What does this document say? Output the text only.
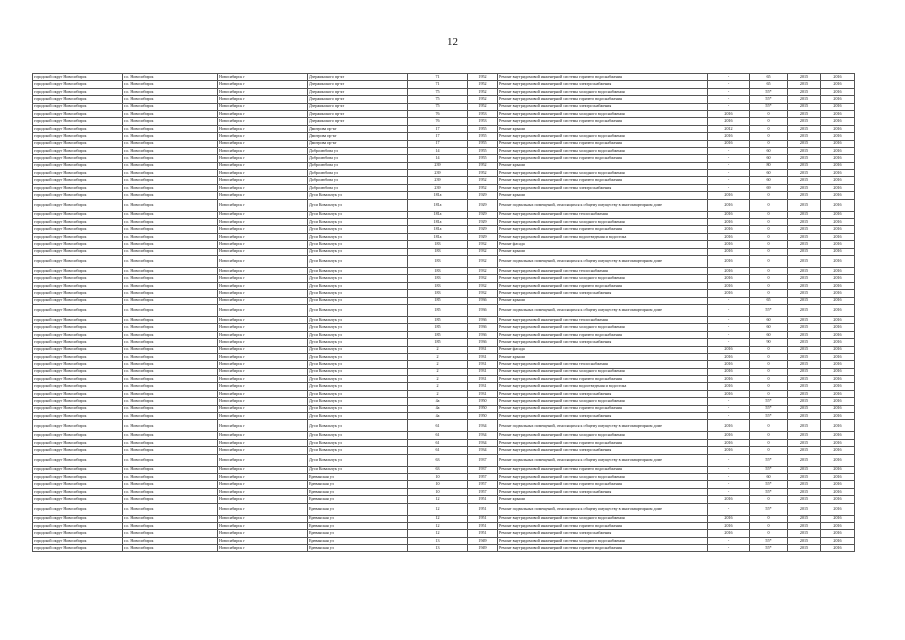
12
городской округ Новосибирск	г.о. Новосибирск	Новосибирск г	Дзержинского пр-кт	71	1952	Ремонт внутридомовой инженерной системы горячего водоснабжения	-	65	2015	2016
городской округ Новосибирск	г.о. Новосибирск	Новосибирск г	Дзержинского пр-кт	71	1952	Ремонт внутридомовой инженерной системы электроснабжения	-	65	2015	2016
городской округ Новосибирск	г.о. Новосибирск	Новосибирск г	Дзержинского пр-кт	75	1952	Ремонт внутридомовой инженерной системы холодного водоснабжения	-	55*	2015	2016
городской округ Новосибирск	г.о. Новосибирск	Новосибирск г	Дзержинского пр-кт	75	1952	Ремонт внутридомовой инженерной системы горячего водоснабжения	-	55*	2015	2016
городской округ Новосибирск	г.о. Новосибирск	Новосибирск г	Дзержинского пр-кт	75	1952	Ремонт внутридомовой инженерной системы электроснабжения	-	55*	2015	2016
городской округ Новосибирск	г.о. Новосибирск	Новосибирск г	Дзержинского пр-кт	76	1953	Ремонт внутридомовой инженерной системы холодного водоснабжения	2016	0	2015	2016
городской округ Новосибирск	г.о. Новосибирск	Новосибирск г	Дзержинского пр-кт	76	1953	Ремонт внутридомовой инженерной системы горячего водоснабжения	2016	0	2015	2016
городской округ Новосибирск	г.о. Новосибирск	Новосибирск г	Дмитрова пр-кт	17	1955	Ремонт крыши	2012	0	2015	2016
городской округ Новосибирск	г.о. Новосибирск	Новосибирск г	Дмитрова пр-кт	17	1955	Ремонт внутридомовой инженерной системы холодного водоснабжения	2016	0	2015	2016
городской округ Новосибирск	г.о. Новосибирск	Новосибирск г	Дмитрова пр-кт	17	1955	Ремонт внутридомовой инженерной системы горячего водоснабжения	2016	0	2015	2016
городской округ Новосибирск	г.о. Новосибирск	Новосибирск г	Добролюбова ул	14	1955	Ремонт внутридомовой инженерной системы холодного водоснабжения	-	60	2015	2016
городской округ Новосибирск	г.о. Новосибирск	Новосибирск г	Добролюбова ул	14	1955	Ремонт внутридомовой инженерной системы горячего водоснабжения	-	60	2015	2016
городской округ Новосибирск	г.о. Новосибирск	Новосибирск г	Добролюбова ул	239	1952	Ремонт крыши	-	80	2015	2016
городской округ Новосибирск	г.о. Новосибирск	Новосибирск г	Добролюбова ул	239	1952	Ремонт внутридомовой инженерной системы холодного водоснабжения	-	60	2015	2016
городской округ Новосибирск	г.о. Новосибирск	Новосибирск г	Добролюбова ул	239	1952	Ремонт внутридомовой инженерной системы горячего водоснабжения	-	60	2015	2016
городской округ Новосибирск	г.о. Новосибирск	Новосибирск г	Добролюбова ул	239	1952	Ремонт внутридомовой инженерной системы электроснабжения	-	69	2015	2016
городской округ Новосибирск	г.о. Новосибирск	Новосибирск г	Дуси Ковальчук ул	181а	1929	Ремонт крыши	2016	0	2015	2016
городской округ Новосибирск	г.о. Новосибирск	Новосибирск г	Дуси Ковальчук ул	181а	1929	Ремонт подвальных помещений, относящихся к общему имуществу в многоквартирном доме	2016	0	2015	2016
городской округ Новосибирск	г.о. Новосибирск	Новосибирск г	Дуси Ковальчук ул	181а	1929	Ремонт внутридомовой инженерной системы теплоснабжения	2016	0	2015	2016
городской округ Новосибирск	г.о. Новосибирск	Новосибирск г	Дуси Ковальчук ул	181а	1929	Ремонт внутридомовой инженерной системы холодного водоснабжения	2016	0	2015	2016
городской округ Новосибирск	г.о. Новосибирск	Новосибирск г	Дуси Ковальчук ул	181а	1929	Ремонт внутридомовой инженерной системы горячего водоснабжения	2016	0	2015	2016
городской округ Новосибирск	г.о. Новосибирск	Новосибирск г	Дуси Ковальчук ул	181а	1929	Ремонт внутридомовой инженерной системы водоотведения и водостока	2016	0	2015	2016
городской округ Новосибирск	г.о. Новосибирск	Новосибирск г	Дуси Ковальчук ул	183	1932	Ремонт фасада	2016	0	2015	2016
городской округ Новосибирск	г.о. Новосибирск	Новосибирск г	Дуси Ковальчук ул	183	1932	Ремонт крыши	2016	0	2015	2016
городской округ Новосибирск	г.о. Новосибирск	Новосибирск г	Дуси Ковальчук ул	183	1932	Ремонт подвальных помещений, относящихся к общему имуществу в многоквартирном доме	2016	0	2015	2016
городской округ Новосибирск	г.о. Новосибирск	Новосибирск г	Дуси Ковальчук ул	183	1932	Ремонт внутридомовой инженерной системы теплоснабжения	2016	0	2015	2016
городской округ Новосибирск	г.о. Новосибирск	Новосибирск г	Дуси Ковальчук ул	183	1932	Ремонт внутридомовой инженерной системы холодного водоснабжения	2016	0	2015	2016
городской округ Новосибирск	г.о. Новосибирск	Новосибирск г	Дуси Ковальчук ул	183	1932	Ремонт внутридомовой инженерной системы горячего водоснабжения	2016	0	2015	2016
городской округ Новосибирск	г.о. Новосибирск	Новосибирск г	Дуси Ковальчук ул	183	1932	Ремонт внутридомовой инженерной системы электроснабжения	2016	0	2015	2016
городской округ Новосибирск	г.о. Новосибирск	Новосибирск г	Дуси Ковальчук ул	185	1936	Ремонт крыши	-	65	2015	2016
городской округ Новосибирск	г.о. Новосибирск	Новосибирск г	Дуси Ковальчук ул	185	1936	Ремонт подвальных помещений, относящихся к общему имуществу в многоквартирном доме	-	55*	2015	2016
городской округ Новосибирск	г.о. Новосибирск	Новосибирск г	Дуси Ковальчук ул	185	1936	Ремонт внутридомовой инженерной системы теплоснабжения	-	60	2015	2016
городской округ Новосибирск	г.о. Новосибирск	Новосибирск г	Дуси Ковальчук ул	185	1936	Ремонт внутридомовой инженерной системы холодного водоснабжения	-	60	2015	2016
городской округ Новосибирск	г.о. Новосибирск	Новосибирск г	Дуси Ковальчук ул	185	1936	Ремонт внутридомовой инженерной системы горячего водоснабжения	-	60	2015	2016
городской округ Новосибирск	г.о. Новосибирск	Новосибирск г	Дуси Ковальчук ул	185	1936	Ремонт внутридомовой инженерной системы электроснабжения	-	90	2015	2016
городской округ Новосибирск	г.о. Новосибирск	Новосибирск г	Дуси Ковальчук ул	2	1931	Ремонт фасада	2016	0	2015	2016
городской округ Новосибирск	г.о. Новосибирск	Новосибирск г	Дуси Ковальчук ул	2	1931	Ремонт крыши	2016	0	2015	2016
городской округ Новосибирск	г.о. Новосибирск	Новосибирск г	Дуси Ковальчук ул	2	1931	Ремонт внутридомовой инженерной системы теплоснабжения	2016	0	2015	2016
городской округ Новосибирск	г.о. Новосибирск	Новосибирск г	Дуси Ковальчук ул	2	1931	Ремонт внутридомовой инженерной системы холодного водоснабжения	2016	0	2015	2016
городской округ Новосибирск	г.о. Новосибирск	Новосибирск г	Дуси Ковальчук ул	2	1931	Ремонт внутридомовой инженерной системы горячего водоснабжения	2016	0	2015	2016
городской округ Новосибирск	г.о. Новосибирск	Новосибирск г	Дуси Ковальчук ул	2	1931	Ремонт внутридомовой инженерной системы водоотведения и водостока	2016	0	2015	2016
городской округ Новосибирск	г.о. Новосибирск	Новосибирск г	Дуси Ковальчук ул	2	1931	Ремонт внутридомовой инженерной системы электроснабжения	2016	0	2015	2016
городской округ Новосибирск	г.о. Новосибирск	Новосибирск г	Дуси Ковальчук ул	4а	1950	Ремонт внутридомовой инженерной системы холодного водоснабжения	-	55*	2015	2016
городской округ Новосибирск	г.о. Новосибирск	Новосибирск г	Дуси Ковальчук ул	4а	1950	Ремонт внутридомовой инженерной системы горячего водоснабжения	-	55*	2015	2016
городской округ Новосибирск	г.о. Новосибирск	Новосибирск г	Дуси Ковальчук ул	4а	1950	Ремонт внутридомовой инженерной системы электроснабжения	-	55*	2015	2016
городской округ Новосибирск	г.о. Новосибирск	Новосибирск г	Дуси Ковальчук ул	61	1934	Ремонт подвальных помещений, относящихся к общему имуществу в многоквартирном доме	2016	0	2015	2016
городской округ Новосибирск	г.о. Новосибирск	Новосибирск г	Дуси Ковальчук ул	61	1934	Ремонт внутридомовой инженерной системы холодного водоснабжения	2016	0	2015	2016
городской округ Новосибирск	г.о. Новосибирск	Новосибирск г	Дуси Ковальчук ул	61	1934	Ремонт внутридомовой инженерной системы горячего водоснабжения	2016	0	2015	2016
городской округ Новосибирск	г.о. Новосибирск	Новосибирск г	Дуси Ковальчук ул	61	1934	Ремонт внутридомовой инженерной системы электроснабжения	2016	0	2015	2016
городской округ Новосибирск	г.о. Новосибирск	Новосибирск г	Дуси Ковальчук ул	63	1937	Ремонт подвальных помещений, относящихся к общему имуществу в многоквартирном доме	-	55*	2015	2016
городской округ Новосибирск	г.о. Новосибирск	Новосибирск г	Дуси Ковальчук ул	63	1937	Ремонт внутридомовой инженерной системы горячего водоснабжения	-	55*	2015	2016
городской округ Новосибирск	г.о. Новосибирск	Новосибирск г	Ереванская ул	10	1957	Ремонт внутридомовой инженерной системы холодного водоснабжения	-	60	2015	2016
городской округ Новосибирск	г.о. Новосибирск	Новосибирск г	Ереванская ул	10	1957	Ремонт внутридомовой инженерной системы горячего водоснабжения	-	55*	2015	2016
городской округ Новосибирск	г.о. Новосибирск	Новосибирск г	Ереванская ул	10	1957	Ремонт внутридомовой инженерной системы электроснабжения	-	55*	2015	2016
городской округ Новосибирск	г.о. Новосибирск	Новосибирск г	Ереванская ул	12	1951	Ремонт крыши	2016	0	2015	2016
городской округ Новосибирск	г.о. Новосибирск	Новосибирск г	Ереванская ул	12	1951	Ремонт подвальных помещений, относящихся к общему имуществу в многоквартирном доме	-	55*	2015	2016
городской округ Новосибирск	г.о. Новосибирск	Новосибирск г	Ереванская ул	12	1951	Ремонт внутридомовой инженерной системы холодного водоснабжения	2016	0	2015	2016
городской округ Новосибирск	г.о. Новосибирск	Новосибирск г	Ереванская ул	12	1951	Ремонт внутридомовой инженерной системы горячего водоснабжения	2016	0	2015	2016
городской округ Новосибирск	г.о. Новосибирск	Новосибирск г	Ереванская ул	12	1951	Ремонт внутридомовой инженерной системы электроснабжения	2016	0	2015	2016
городской округ Новосибирск	г.о. Новосибирск	Новосибирск г	Ереванская ул	13	1949	Ремонт внутридомовой инженерной системы холодного водоснабжения	-	55*	2015	2016
городской округ Новосибирск	г.о. Новосибирск	Новосибирск г	Ереванская ул	13	1949	Ремонт внутридомовой инженерной системы горячего водоснабжения	-	55*	2015	2016
